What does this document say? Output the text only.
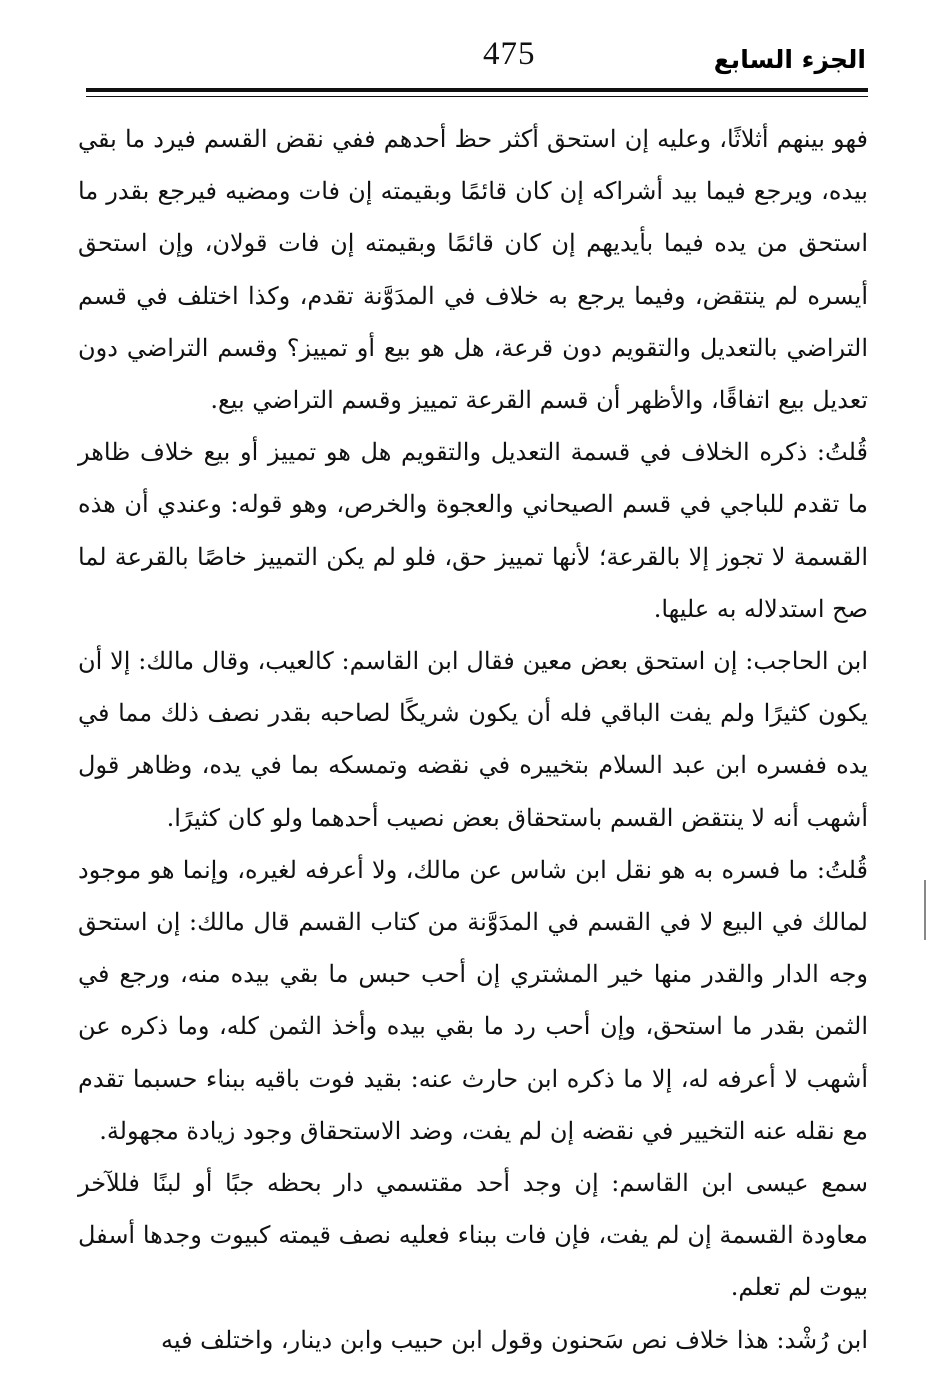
475	الجزء السابع

فهو بينهم أثلاثًا، وعليه إن استحق أكثر حظ أحدهم ففي نقض القسم فيرد ما بقي بيده، ويرجع فيما بيد أشراكه إن كان قائمًا وبقيمته إن فات ومضيه فيرجع بقدر ما استحق من يده فيما بأيديهم إن كان قائمًا وبقيمته إن فات قولان، وإن استحق أيسره لم ينتقض، وفيما يرجع به خلاف في المدَوَّنة تقدم، وكذا اختلف في قسم التراضي بالتعديل والتقويم دون قرعة، هل هو بيع أو تمييز؟ وقسم التراضي دون تعديل بيع اتفاقًا، والأظهر أن قسم القرعة تمييز وقسم التراضي بيع.

قُلتُ: ذكره الخلاف في قسمة التعديل والتقويم هل هو تمييز أو بيع خلاف ظاهر ما تقدم للباجي في قسم الصيحاني والعجوة والخرص، وهو قوله: وعندي أن هذه القسمة لا تجوز إلا بالقرعة؛ لأنها تمييز حق، فلو لم يكن التمييز خاصًا بالقرعة لما صح استدلاله به عليها.

ابن الحاجب: إن استحق بعض معين فقال ابن القاسم: كالعيب، وقال مالك: إلا أن يكون كثيرًا ولم يفت الباقي فله أن يكون شريكًا لصاحبه بقدر نصف ذلك مما في يده ففسره ابن عبد السلام بتخييره في نقضه وتمسكه بما في يده، وظاهر قول أشهب أنه لا ينتقض القسم باستحقاق بعض نصيب أحدهما ولو كان كثيرًا.

قُلتُ: ما فسره به هو نقل ابن شاس عن مالك، ولا أعرفه لغيره، وإنما هو موجود لمالك في البيع لا في القسم في المدَوَّنة من كتاب القسم قال مالك: إن استحق وجه الدار والقدر منها خير المشتري إن أحب حبس ما بقي بيده منه، ورجع في الثمن بقدر ما استحق، وإن أحب رد ما بقي بيده وأخذ الثمن كله، وما ذكره عن أشهب لا أعرفه له، إلا ما ذكره ابن حارث عنه: بقيد فوت باقيه ببناء حسبما تقدم مع نقله عنه التخيير في نقضه إن لم يفت، وضد الاستحقاق وجود زيادة مجهولة.

سمع عيسى ابن القاسم: إن وجد أحد مقتسمي دار بحظه جبًا أو لبنًا فللآخر معاودة القسمة إن لم يفت، فإن فات ببناء فعليه نصف قيمته كبيوت وجدها أسفل بيوت لم تعلم.

ابن رُشْد: هذا خلاف نص سَحنون وقول ابن حبيب وابن دينار، واختلف فيه
